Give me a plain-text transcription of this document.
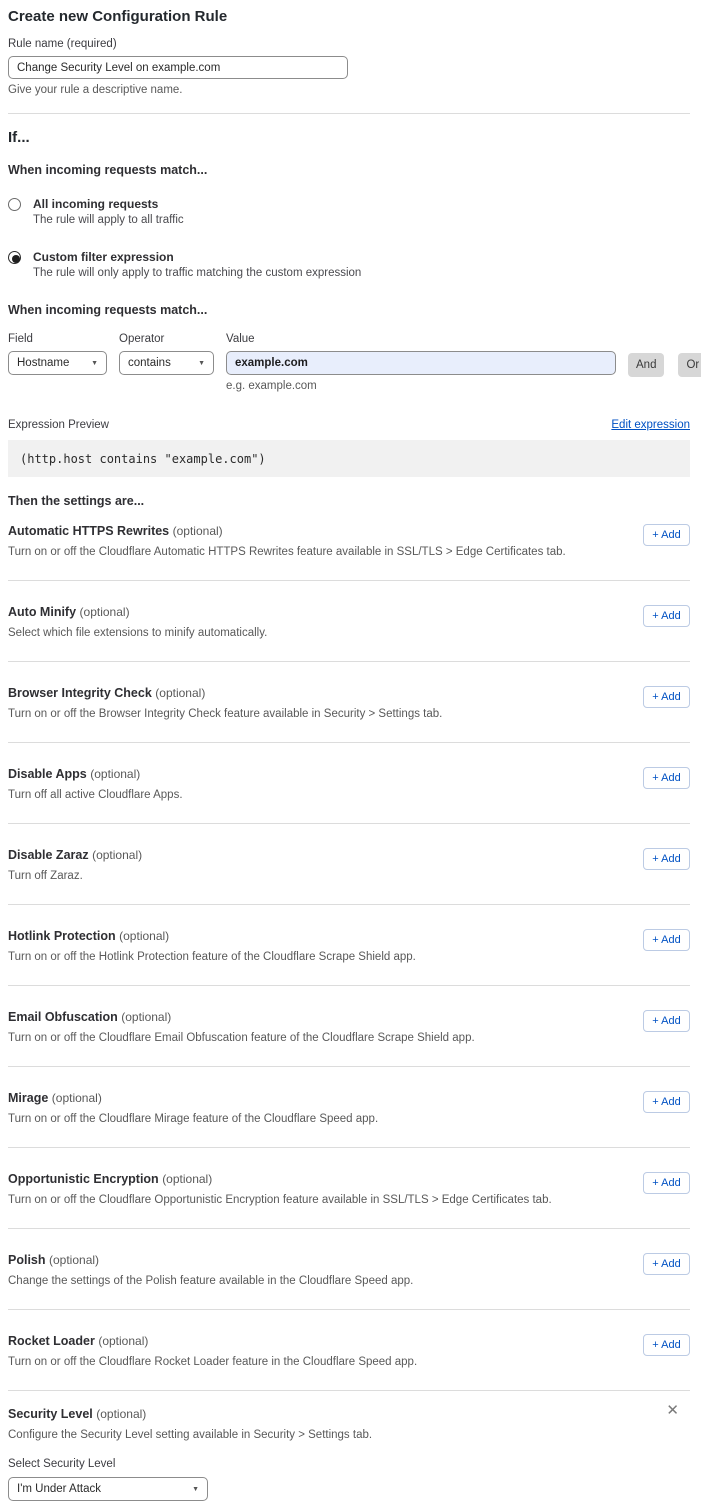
Create new Configuration Rule
Rule name (required)
Change Security Level on example.com
Give your rule a descriptive name.
If...
When incoming requests match...
All incoming requests
The rule will apply to all traffic
Custom filter expression
The rule will only apply to traffic matching the custom expression
When incoming requests match...
Field
Hostname	▼
Operator
contains	▼
Value
example.com
e.g. example.com
And	Or
Expression Preview	Edit expression
(http.host contains "example.com")
Then the settings are...
Automatic HTTPS Rewrites (optional)
Turn on or off the Cloudflare Automatic HTTPS Rewrites feature available in SSL/TLS > Edge Certificates tab.
+ Add
Auto Minify (optional)
Select which file extensions to minify automatically.
+ Add
Browser Integrity Check (optional)
Turn on or off the Browser Integrity Check feature available in Security > Settings tab.
+ Add
Disable Apps (optional)
Turn off all active Cloudflare Apps.
+ Add
Disable Zaraz (optional)
Turn off Zaraz.
+ Add
Hotlink Protection (optional)
Turn on or off the Hotlink Protection feature of the Cloudflare Scrape Shield app.
+ Add
Email Obfuscation (optional)
Turn on or off the Cloudflare Email Obfuscation feature of the Cloudflare Scrape Shield app.
+ Add
Mirage (optional)
Turn on or off the Cloudflare Mirage feature of the Cloudflare Speed app.
+ Add
Opportunistic Encryption (optional)
Turn on or off the Cloudflare Opportunistic Encryption feature available in SSL/TLS > Edge Certificates tab.
+ Add
Polish (optional)
Change the settings of the Polish feature available in the Cloudflare Speed app.
+ Add
Rocket Loader (optional)
Turn on or off the Cloudflare Rocket Loader feature in the Cloudflare Speed app.
+ Add
✕
Security Level (optional)
Configure the Security Level setting available in Security > Settings tab.
Select Security Level
I'm Under Attack	▼
